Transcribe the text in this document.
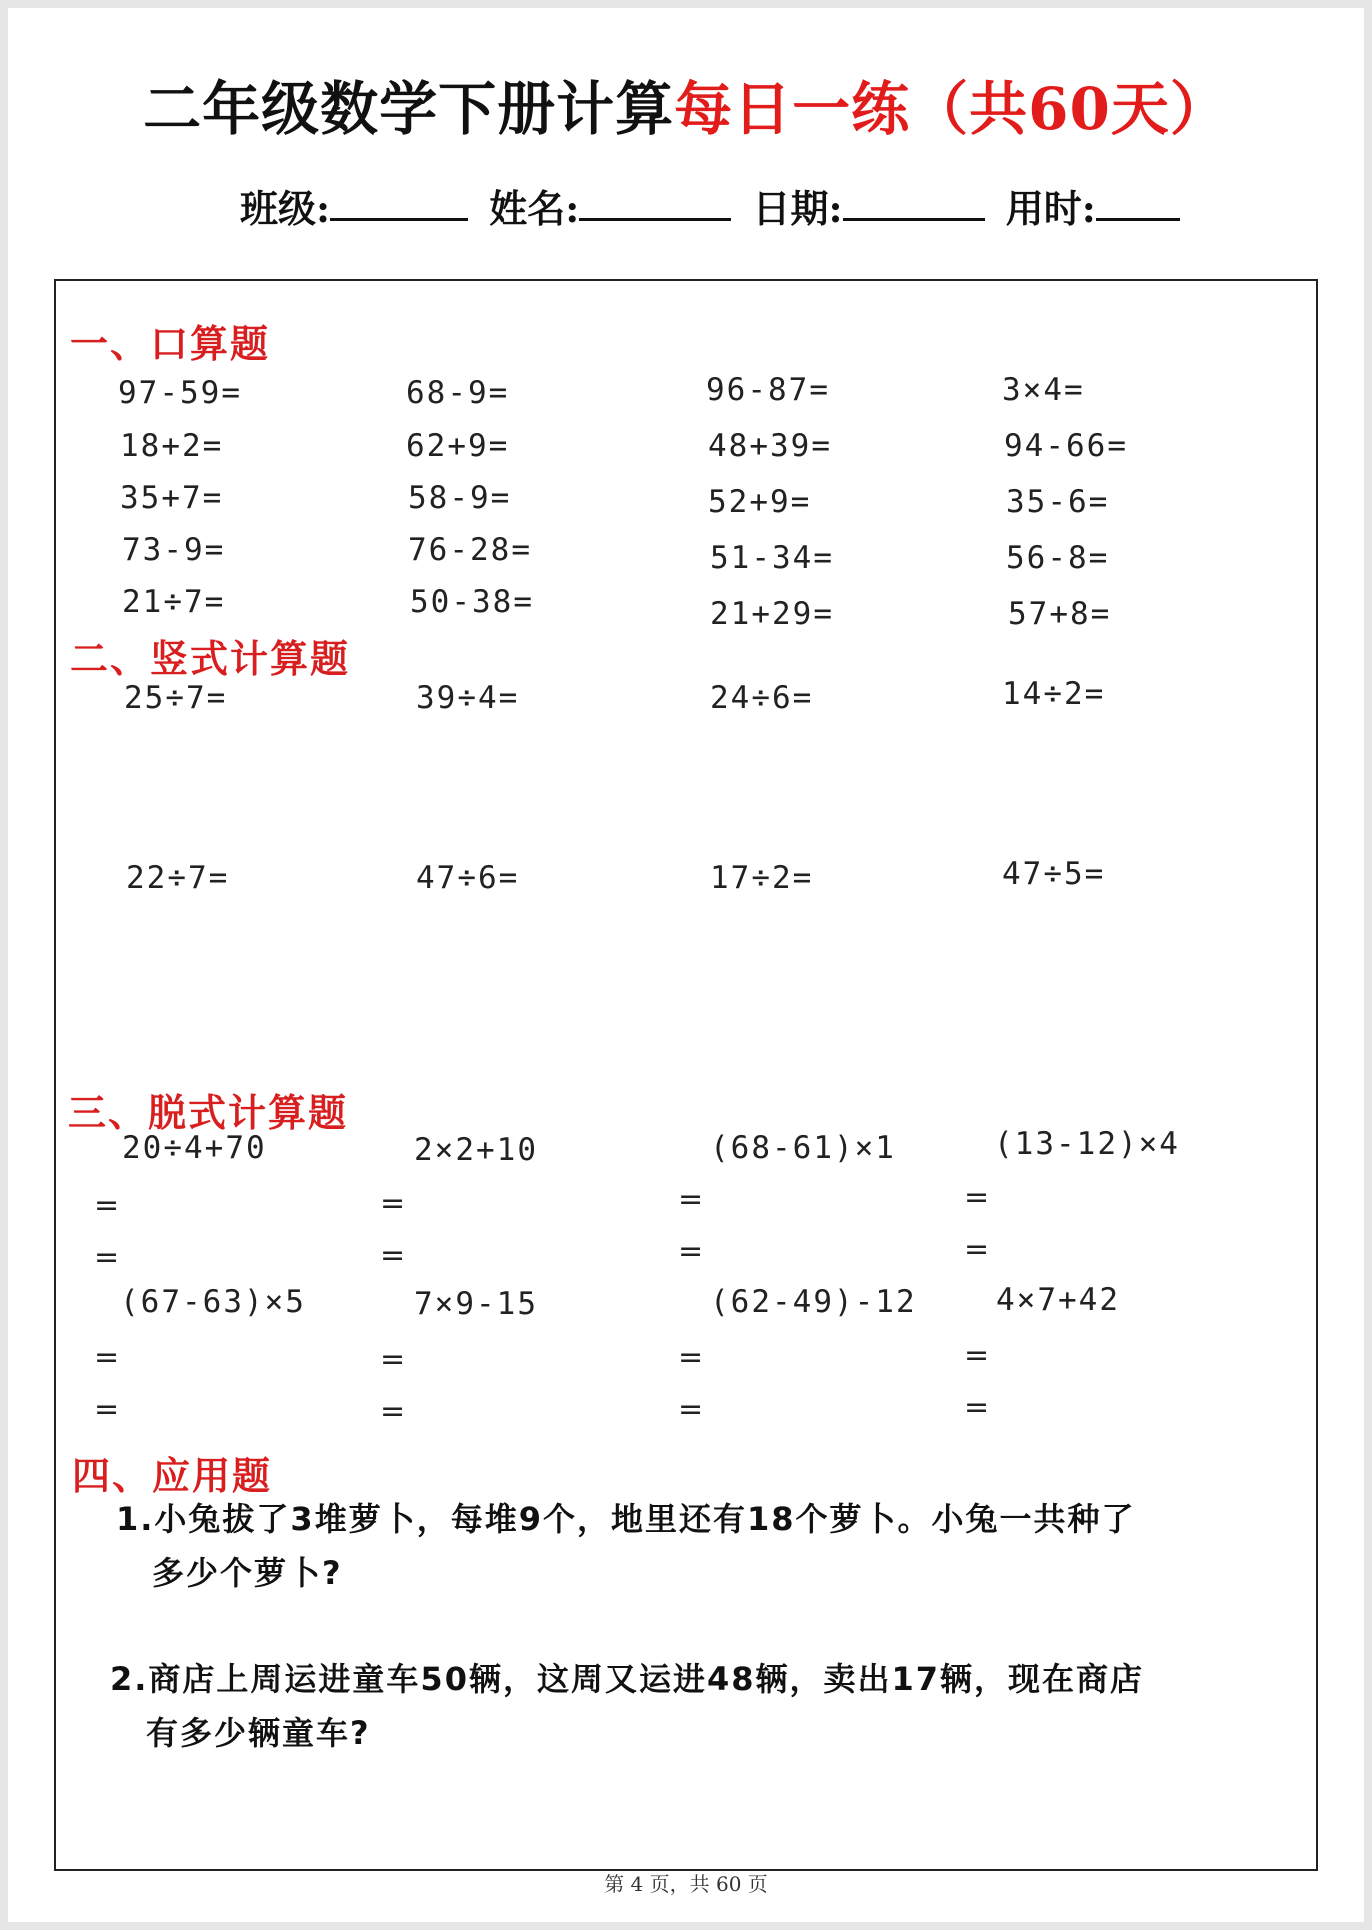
二年级数学下册计算每日一练（共60天）
班级:	姓名:	日期:	用时:
一、口算题
二、竖式计算题
三、脱式计算题
四、应用题
97-59=	68-9=	96-87=	3×4=
18+2=	62+9=	48+39=	94-66=
35+7=	58-9=	52+9=	35-6=
73-9=	76-28=	51-34=	56-8=
21÷7=	50-38=	21+29=	57+8=
25÷7=	39÷4=	24÷6=	14÷2=
22÷7=	47÷6=	17÷2=	47÷5=
20÷4+70	2×2+10	(68-61)×1	(13-12)×4
=	=	=	=
=	=	=	=
(67-63)×5	7×9-15	(62-49)-12	4×7+42
=	=	=	=
=	=	=	=
1.小兔拔了3堆萝卜，每堆9个，地里还有18个萝卜。小兔一共种了
多少个萝卜?
2.商店上周运进童车50辆，这周又运进48辆，卖出17辆，现在商店
有多少辆童车?
第 4 页，共 60 页
